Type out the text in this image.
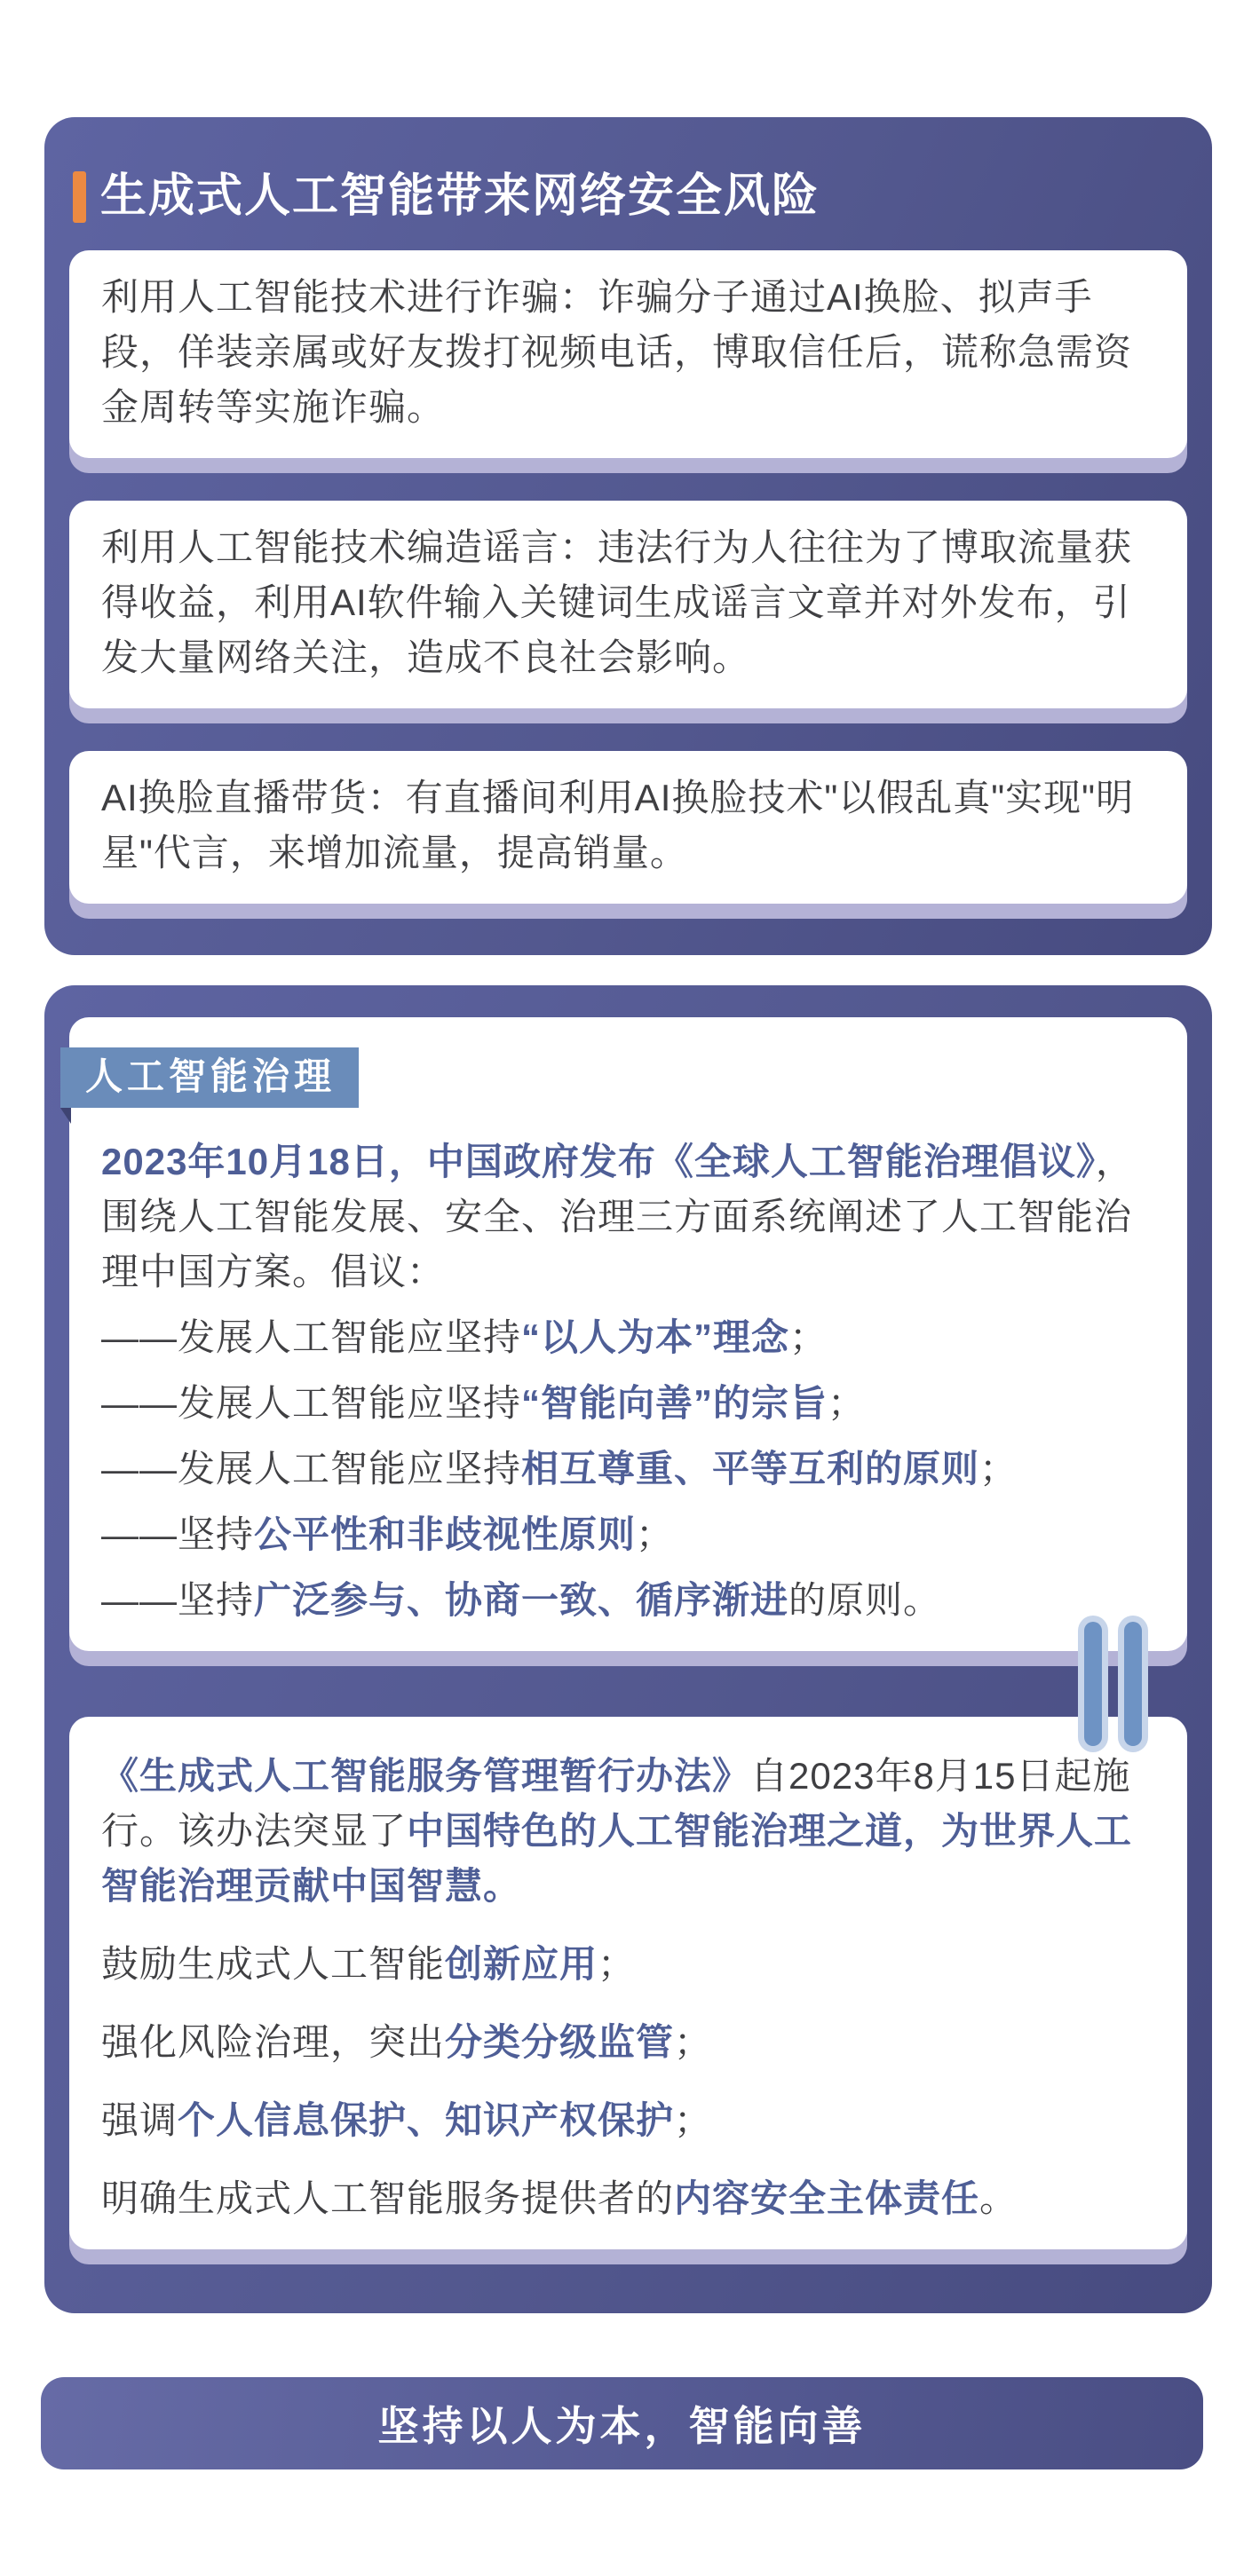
生成式人工智能带来网络安全风险

利用人工智能技术进行诈骗：诈骗分子通过AI换脸、拟声手段，佯装亲属或好友拨打视频电话，博取信任后，谎称急需资金周转等实施诈骗。

利用人工智能技术编造谣言：违法行为人往往为了博取流量获得收益，利用AI软件输入关键词生成谣言文章并对外发布，引发大量网络关注，造成不良社会影响。

AI换脸直播带货：有直播间利用AI换脸技术"以假乱真"实现"明星"代言，来增加流量，提高销量。

人工智能治理

2023年10月18日，中国政府发布《全球人工智能治理倡议》，围绕人工智能发展、安全、治理三方面系统阐述了人工智能治理中国方案。倡议：

——发展人工智能应坚持“以人为本”理念；

——发展人工智能应坚持“智能向善”的宗旨；

——发展人工智能应坚持相互尊重、平等互利的原则；

——坚持公平性和非歧视性原则；

——坚持广泛参与、协商一致、循序渐进的原则。

《生成式人工智能服务管理暂行办法》自2023年8月15日起施行。该办法突显了中国特色的人工智能治理之道，为世界人工智能治理贡献中国智慧。

鼓励生成式人工智能创新应用；

强化风险治理，突出分类分级监管；

强调个人信息保护、知识产权保护；

明确生成式人工智能服务提供者的内容安全主体责任。

坚持以人为本，智能向善
